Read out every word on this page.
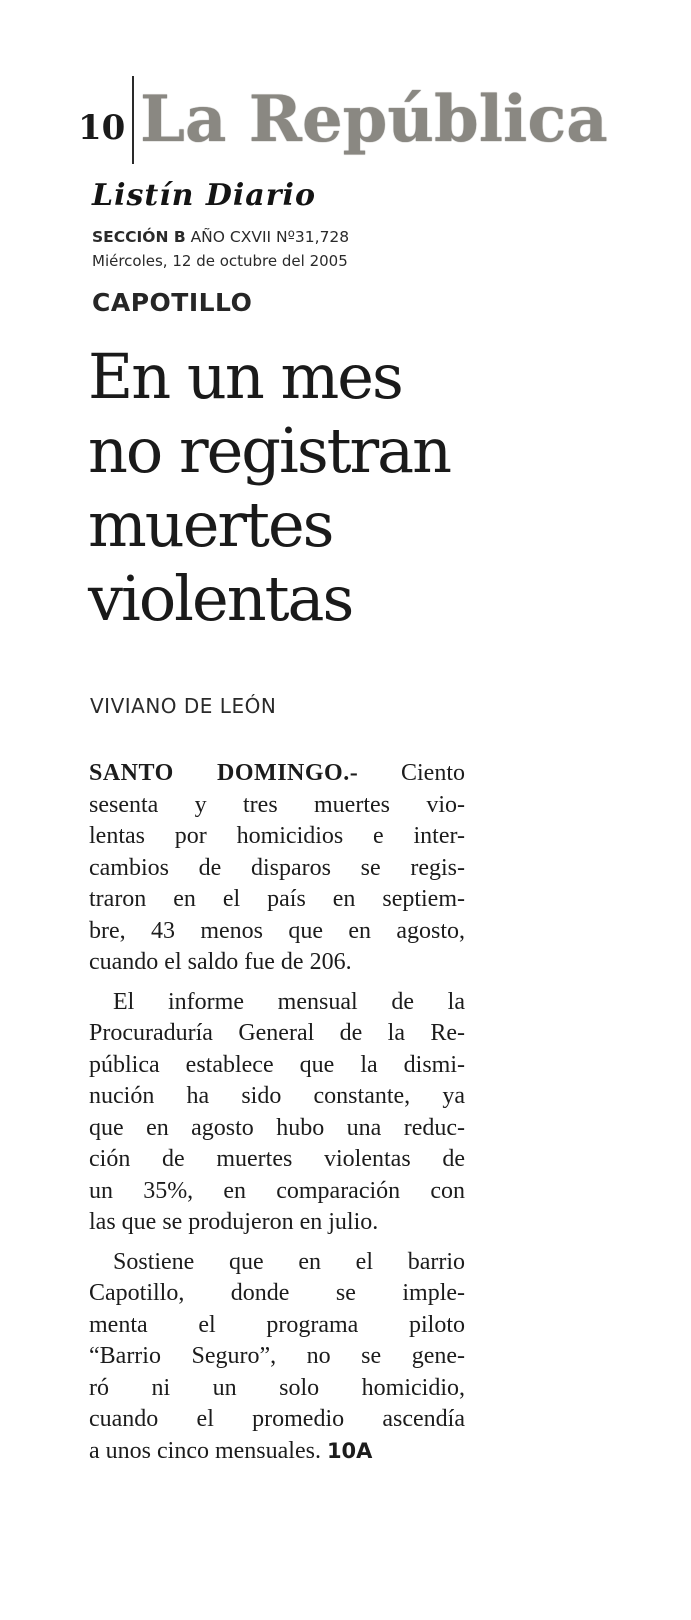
10 La República
Listín Diario
SECCIÓN B AÑO CXVII Nº31,728
Miércoles, 12 de octubre del 2005
CAPOTILLO
En un mes
no registran
muertes
violentas
VIVIANO DE LEÓN
SANTO DOMINGO.- Ciento
sesenta y tres muertes vio-
lentas por homicidios e inter-
cambios de disparos se regis-
traron en el país en septiem-
bre, 43 menos que en agosto,
cuando el saldo fue de 206.
El informe mensual de la
Procuraduría General de la Re-
pública establece que la dismi-
nución ha sido constante, ya
que en agosto hubo una reduc-
ción de muertes violentas de
un 35%, en comparación con
las que se produjeron en julio.
Sostiene que en el barrio
Capotillo, donde se imple-
menta el programa piloto
“Barrio Seguro”, no se gene-
ró ni un solo homicidio,
cuando el promedio ascendía
a unos cinco mensuales. 10A
